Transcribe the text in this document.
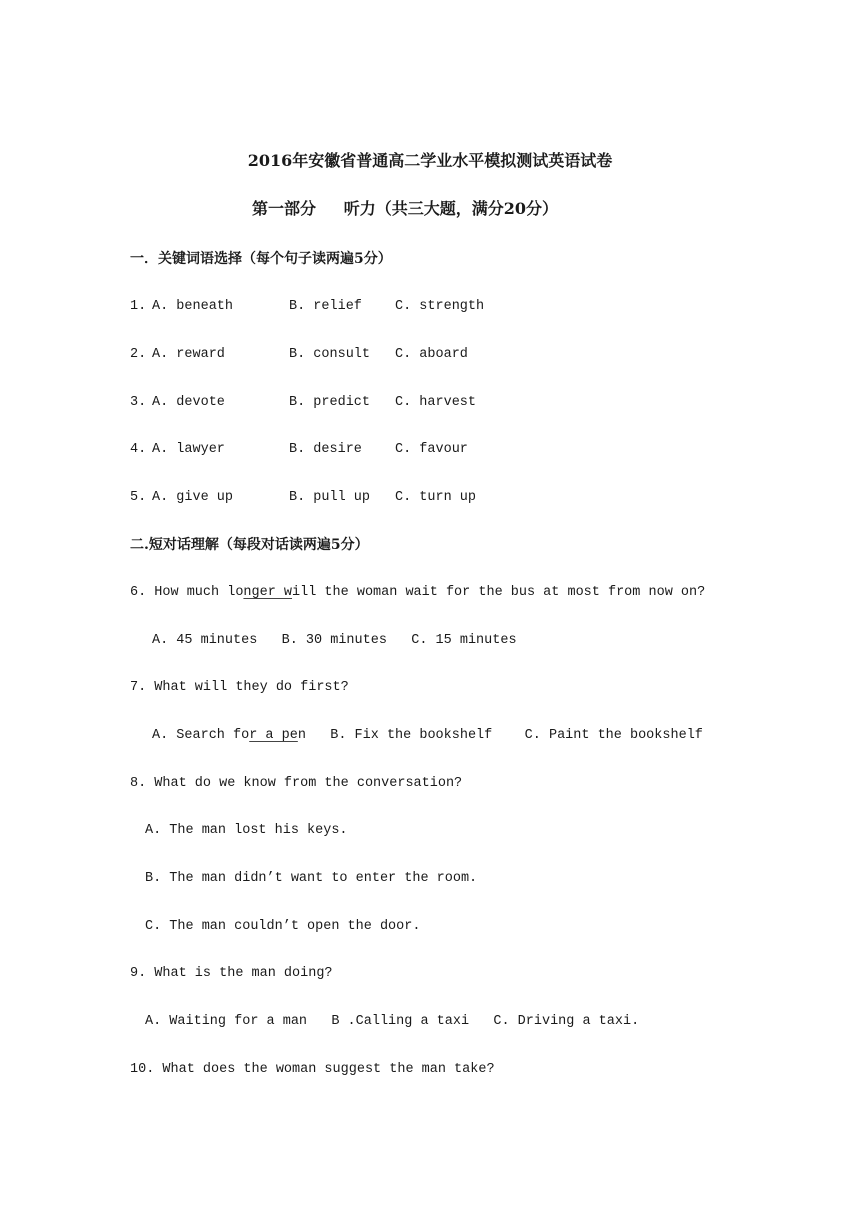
2016年安徽省普通高二学业水平模拟测试英语试卷
第一部分     听力（共三大题，满分20分）
一．关键词语选择（每个句子读两遍5分）
1. A. beneath	B. relief C. strength
2. A. reward	B. consult C. aboard
3. A. devote	B. predict C. harvest
4. A. lawyer	B. desire C. favour
5. A. give up	B. pull up C. turn up
二.短对话理解（每段对话读两遍5分）
6. How much longer will the woman wait for the bus at most from now on?
A. 45 minutes   B. 30 minutes   C. 15 minutes
7. What will they do first?
A. Search for a pen   B. Fix the bookshelf    C. Paint the bookshelf
8. What do we know from the conversation?
A. The man lost his keys.
B. The man didn’t want to enter the room.
C. The man couldn’t open the door.
9. What is the man doing?
A. Waiting for a man   B .Calling a taxi   C. Driving a taxi.
10. What does the woman suggest the man take?
